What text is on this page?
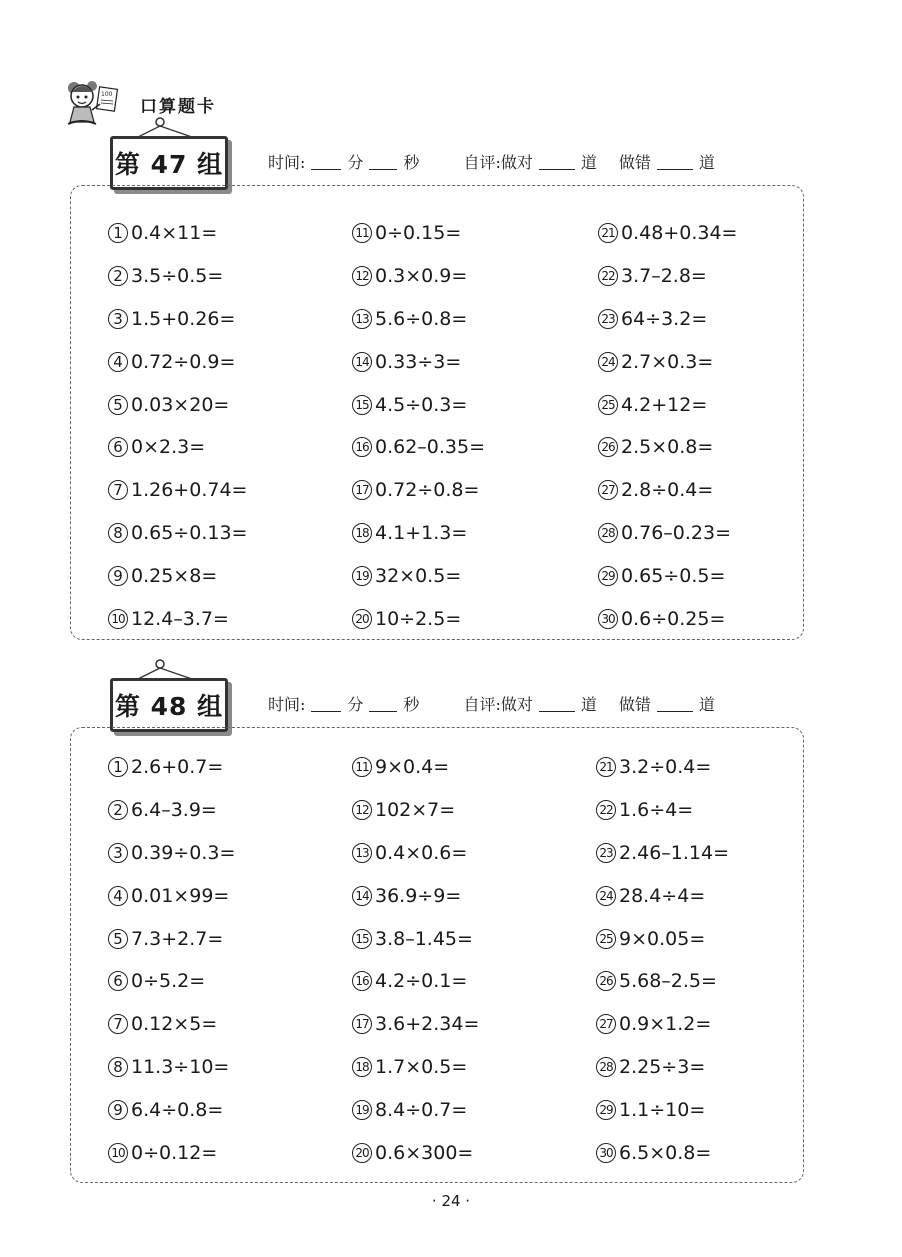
100
口算题卡
第 47 组	时间:	分	秒	自评:做对	道 做错	道
1 0.4×11=
2 3.5÷0.5=
3 1.5+0.26=
4 0.72÷0.9=
5 0.03×20=
6 0×2.3=
7 1.26+0.74=
8 0.65÷0.13=
9 0.25×8=
10 12.4–3.7=
11 0÷0.15=
12 0.3×0.9=
13 5.6÷0.8=
14 0.33÷3=
15 4.5÷0.3=
16 0.62–0.35=
17 0.72÷0.8=
18 4.1+1.3=
19 32×0.5=
20 10÷2.5=
21 0.48+0.34=
22 3.7–2.8=
23 64÷3.2=
24 2.7×0.3=
25 4.2+12=
26 2.5×0.8=
27 2.8÷0.4=
28 0.76–0.23=
29 0.65÷0.5=
30 0.6÷0.25=
第 48 组	时间:	分	秒	自评:做对	道 做错	道
1 2.6+0.7=
2 6.4–3.9=
3 0.39÷0.3=
4 0.01×99=
5 7.3+2.7=
6 0÷5.2=
7 0.12×5=
8 11.3÷10=
9 6.4÷0.8=
10 0÷0.12=
11 9×0.4=
12 102×7=
13 0.4×0.6=
14 36.9÷9=
15 3.8–1.45=
16 4.2÷0.1=
17 3.6+2.34=
18 1.7×0.5=
19 8.4÷0.7=
20 0.6×300=
21 3.2÷0.4=
22 1.6÷4=
23 2.46–1.14=
24 28.4÷4=
25 9×0.05=
26 5.68–2.5=
27 0.9×1.2=
28 2.25÷3=
29 1.1÷10=
30 6.5×0.8=
· 24 ·
